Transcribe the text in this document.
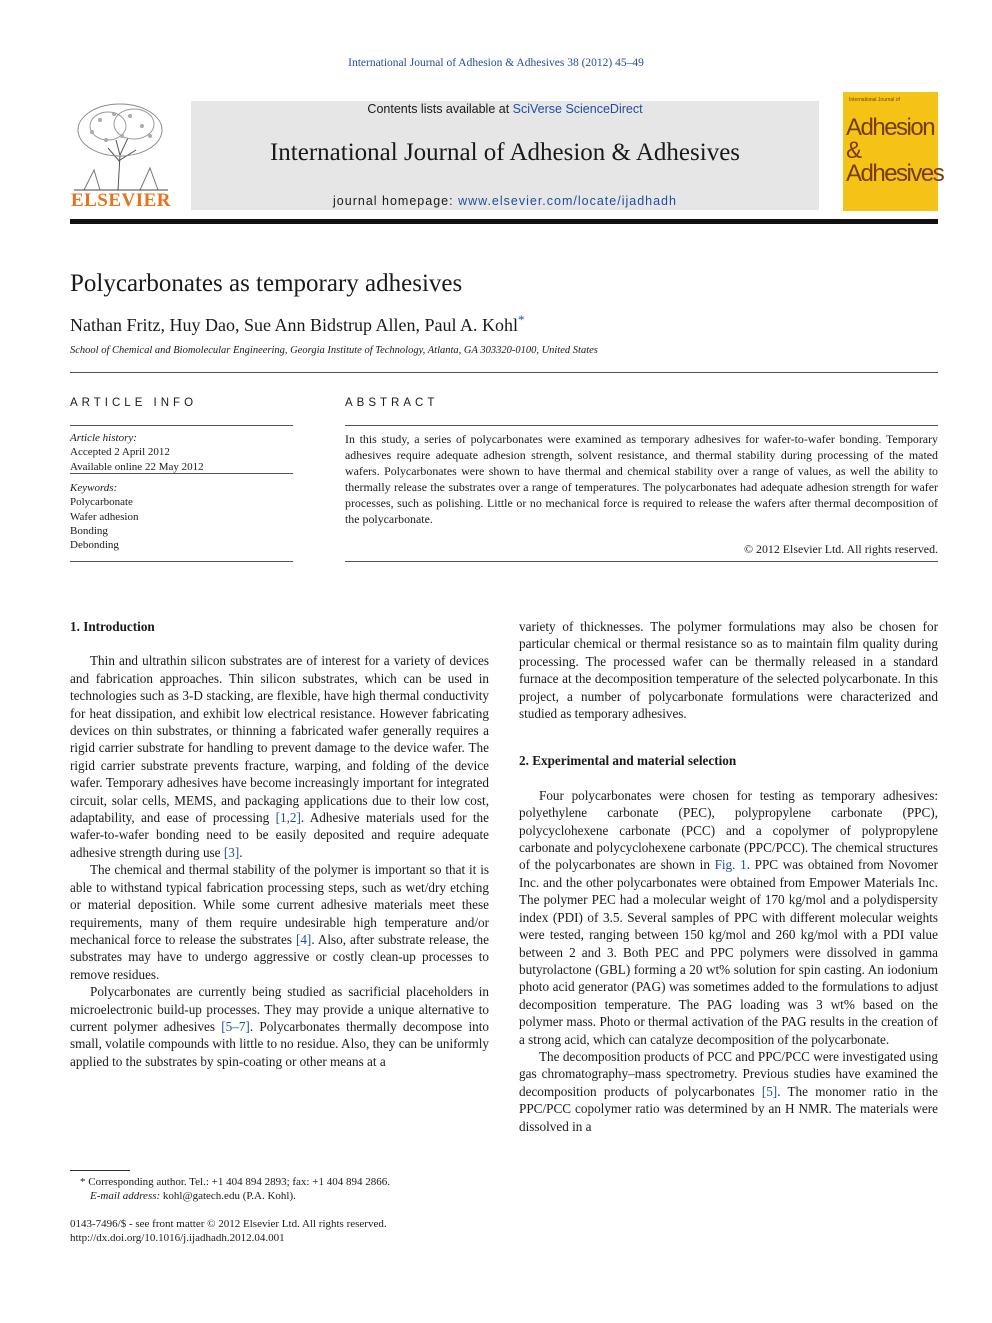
International Journal of Adhesion & Adhesives 38 (2012) 45–49
ELSEVIER
Contents lists available at SciVerse ScienceDirect
International Journal of Adhesion & Adhesives
journal homepage: www.elsevier.com/locate/ijadhadh
International Journal of
Adhesion &
Adhesives
Polycarbonates as temporary adhesives
Nathan Fritz, Huy Dao, Sue Ann Bidstrup Allen, Paul A. Kohl*
School of Chemical and Biomolecular Engineering, Georgia Institute of Technology, Atlanta, GA 303320-0100, United States
ARTICLE INFO	ABSTRACT
Article history:
Accepted 2 April 2012
Available online 22 May 2012
Keywords:
Polycarbonate
Wafer adhesion
Bonding
Debonding
In this study, a series of polycarbonates were examined as temporary adhesives for wafer-to-wafer bonding. Temporary adhesives require adequate adhesion strength, solvent resistance, and thermal stability during processing of the mated wafers. Polycarbonates were shown to have thermal and chemical stability over a range of values, as well the ability to thermally release the substrates over a range of temperatures. The polycarbonates had adequate adhesion strength for wafer processes, such as polishing. Little or no mechanical force is required to release the wafers after thermal decomposition of the polycarbonate.
© 2012 Elsevier Ltd. All rights reserved.
1. Introduction

Thin and ultrathin silicon substrates are of interest for a variety of devices and fabrication approaches. Thin silicon substrates, which can be used in technologies such as 3-D stacking, are flexible, have high thermal conductivity for heat dissipation, and exhibit low electrical resistance. However fabricating devices on thin substrates, or thinning a fabricated wafer generally requires a rigid carrier substrate for handling to prevent damage to the device wafer. The rigid carrier substrate prevents fracture, warping, and folding of the device wafer. Temporary adhesives have become increasingly important for integrated circuit, solar cells, MEMS, and packaging applications due to their low cost, adaptability, and ease of processing [1,2]. Adhesive materials used for the wafer-to-wafer bonding need to be easily deposited and require adequate adhesive strength during use [3].

The chemical and thermal stability of the polymer is important so that it is able to withstand typical fabrication processing steps, such as wet/dry etching or material deposition. While some current adhesive materials meet these requirements, many of them require undesirable high temperature and/or mechanical force to release the substrates [4]. Also, after substrate release, the substrates may have to undergo aggressive or costly clean-up processes to remove residues.

Polycarbonates are currently being studied as sacrificial placeholders in microelectronic build-up processes. They may provide a unique alternative to current polymer adhesives [5–7]. Polycarbonates thermally decompose into small, volatile compounds with little to no residue. Also, they can be uniformly applied to the substrates by spin-coating or other means at a

variety of thicknesses. The polymer formulations may also be chosen for particular chemical or thermal resistance so as to maintain film quality during processing. The processed wafer can be thermally released in a standard furnace at the decomposition temperature of the selected polycarbonate. In this project, a number of polycarbonate formulations were characterized and studied as temporary adhesives.

2. Experimental and material selection

Four polycarbonates were chosen for testing as temporary adhesives: polyethylene carbonate (PEC), polypropylene carbonate (PPC), polycyclohexene carbonate (PCC) and a copolymer of polypropylene carbonate and polycyclohexene carbonate (PPC/PCC). The chemical structures of the polycarbonates are shown in Fig. 1. PPC was obtained from Novomer Inc. and the other polycarbonates were obtained from Empower Materials Inc. The polymer PEC had a molecular weight of 170 kg/mol and a polydispersity index (PDI) of 3.5. Several samples of PPC with different molecular weights were tested, ranging between 150 kg/mol and 260 kg/mol with a PDI value between 2 and 3. Both PEC and PPC polymers were dissolved in gamma butyrolactone (GBL) forming a 20 wt% solution for spin casting. An iodonium photo acid generator (PAG) was sometimes added to the formulations to adjust decomposition temperature. The PAG loading was 3 wt% based on the polymer mass. Photo or thermal activation of the PAG results in the creation of a strong acid, which can catalyze decomposition of the polycarbonate.

The decomposition products of PCC and PPC/PCC were investigated using gas chromatography–mass spectrometry. Previous studies have examined the decomposition products of polycarbonates [5]. The monomer ratio in the PPC/PCC copolymer ratio was determined by an H NMR. The materials were dissolved in a

* Corresponding author. Tel.: +1 404 894 2893; fax: +1 404 894 2866.
E-mail address: kohl@gatech.edu (P.A. Kohl).
0143-7496/$ - see front matter © 2012 Elsevier Ltd. All rights reserved.
http://dx.doi.org/10.1016/j.ijadhadh.2012.04.001
